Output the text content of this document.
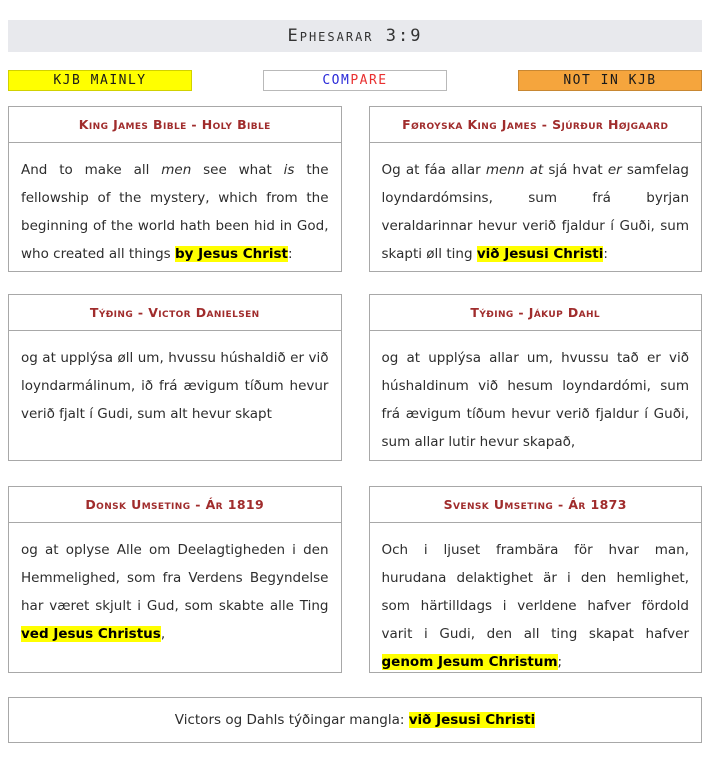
Ephesarar 3:9
KJB MAINLY	COMPARE	NOT IN KJB
King James Bible - Holy Bible
And to make all men see what is the fellowship of the mystery, which from the beginning of the world hath been hid in God, who created all things by Jesus Christ:
Føroyska King James - Sjúrður Højgaard
Og at fáa allar menn at sjá hvat er samfelag loyndardómsins, sum frá byrjan veraldarinnar hevur verið fjaldur í Guði, sum skapti øll ting við Jesusi Christi:
Týðing - Victor Danielsen
og at upplýsa øll um, hvussu húshaldið er við loyndarmálinum, ið frá ævigum tíðum hevur verið fjalt í Gudi, sum alt hevur skapt
Týðing - Jákup Dahl
og at upplýsa allar um, hvussu tað er við húshaldinum við hesum loyndardómi, sum frá ævigum tíðum hevur verið fjaldur í Guði, sum allar lutir hevur skapað,
Donsk Umseting - Ár 1819
og at oplyse Alle om Deelagtigheden i den Hemmelighed, som fra Verdens Begyndelse har været skjult i Gud, som skabte alle Ting ved Jesus Christus,
Svensk Umseting - Ár 1873
Och i ljuset frambära för hvar man, hurudana delaktighet är i den hemlighet, som härtilldags i verldene hafver fördold varit i Gudi, den all ting skapat hafver genom Jesum Christum;
Victors og Dahls týðingar mangla: við Jesusi Christi
